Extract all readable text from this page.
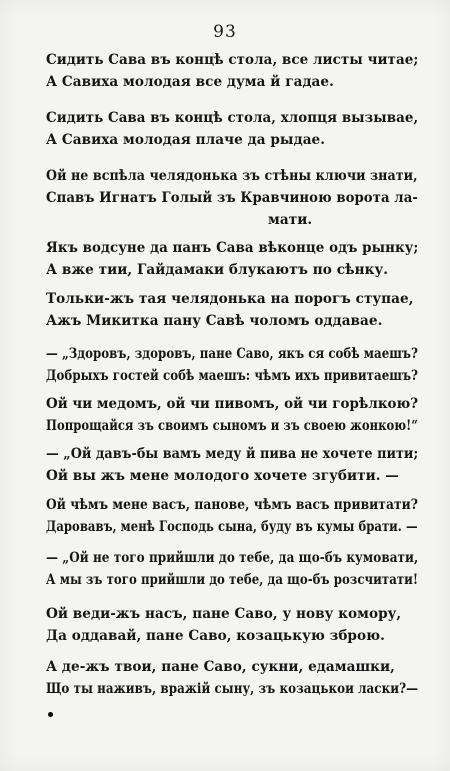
93
Сидить Сава въ концѣ стола, все листы читае;
А Савиха молодая все дума й гадае.
Сидить Сава въ концѣ стола, хлопця вызывае,
А Савиха молодая плаче да рыдае.
Ой не вспѣла челядонька зъ стѣны ключи знати,
Спавъ Игнатъ Голый зъ Кравчиною ворота ла-
мати.
Якъ водсуне да панъ Сава вѣконце одъ рынку;
А вже тии, Гайдамаки блукаютъ по сѣнку.
Тольки-жъ тая челядонька на порогъ ступае,
Ажъ Микитка пану Савѣ чоломъ оддавае.
— „Здоровъ, здоровъ, пане Саво, якъ ся собѣ маешъ?
Добрыхъ гостей собѣ маешъ: чѣмъ ихъ привитаешъ?
Ой чи медомъ, ой чи пивомъ, ой чи горѣлкою?
Попрощайся зъ своимъ сыномъ и зъ своею жонкою!“
— „Ой давъ-бы вамъ меду й пива не хочете пити;
Ой вы жъ мене молодого хочете згубити. —
Ой чѣмъ мене васъ, панове, чѣмъ васъ привитати?
Даровавъ, менѣ Господь сына, буду въ кумы брати. —
— „Ой не того прийшли до тебе, да що-бъ кумовати,
А мы зъ того прийшли до тебе, да що-бъ розсчитати!
Ой веди-жъ насъ, пане Саво, у нову комору,
Да оддавай, пане Саво, козацькую зброю.
А де-жъ твои, пане Саво, сукни, едамашки,
Що ты наживъ, вражій сыну, зъ козацькои ласки?—
